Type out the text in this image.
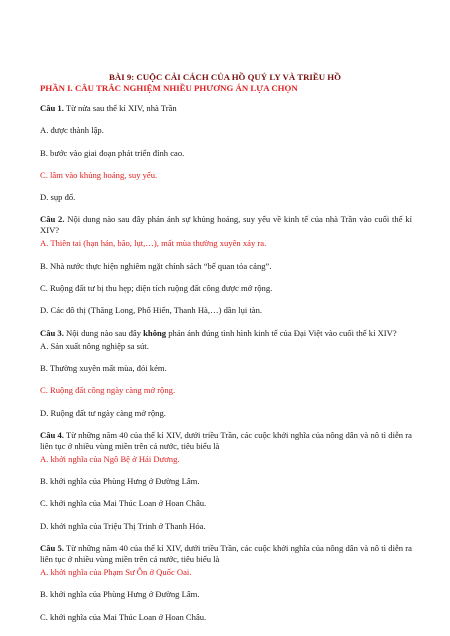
BÀI 9: CUỘC CẢI CÁCH CỦA HỒ QUÝ LY VÀ TRIỀU HỒ
PHẦN I. CÂU TRẮC NGHIỆM NHIỀU PHƯƠNG ÁN LỰA CHỌN

Câu 1. Từ nửa sau thế kỉ XIV, nhà Trần

A. được thành lập.

B. bước vào giai đoạn phát triển đỉnh cao.

C. lâm vào khủng hoảng, suy yếu.

D. sụp đổ.

Câu 2. Nội dung nào sau đây phản ánh sự khủng hoảng, suy yếu về kinh tế của nhà Trần vào cuối thế kỉ XIV?

A. Thiên tai (hạn hán, bão, lụt,…), mất mùa thường xuyên xảy ra.

B. Nhà nước thực hiện nghiêm ngặt chính sách “bế quan tỏa cảng”.

C. Ruộng đất tư bị thu hẹp; diện tích ruộng đất công được mở rộng.

D. Các đô thị (Thăng Long, Phố Hiến, Thanh Hà,…) dần lụi tàn.

Câu 3. Nội dung nào sau đây không phản ánh đúng tình hình kinh tế của Đại Việt vào cuối thế kỉ XIV?

A. Sản xuất nông nghiệp sa sút.

B. Thường xuyên mất mùa, đói kém.

C. Ruộng đất công ngày càng mở rộng.

D. Ruộng đất tư ngày càng mở rộng.

Câu 4. Từ những năm 40 của thế kỉ XIV, dưới triều Trần, các cuộc khởi nghĩa của nông dân và nô tì diễn ra liên tục ở nhiều vùng miền trên cả nước, tiêu biểu là

A. khởi nghĩa của Ngô Bệ ở Hải Dương.

B. khởi nghĩa của Phùng Hưng ở Đường Lâm.

C. khởi nghĩa của Mai Thúc Loan ở Hoan Châu.

D. khởi nghĩa của Triệu Thị Trinh ở Thanh Hóa.

Câu 5. Từ những năm 40 của thế kỉ XIV, dưới triều Trần, các cuộc khởi nghĩa của nông dân và nô tì diễn ra liên tục ở nhiều vùng miền trên cả nước, tiêu biểu là

A. khởi nghĩa của Phạm Sư Ôn ở Quốc Oai.

B. khởi nghĩa của Phùng Hưng ở Đường Lâm.

C. khởi nghĩa của Mai Thúc Loan ở Hoan Châu.
